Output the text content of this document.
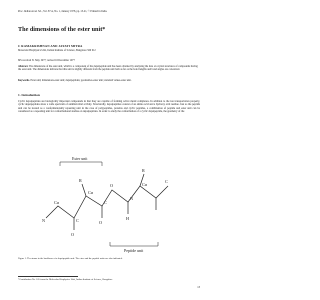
Proc. Indian Acad. Sci., Vol. 87 A, No. 1, January 1978, pp. 13-21, © Printed in India.
The dimensions of the ester unit*
C RAMAKRISHNAN AND JAYATI MITRA
Molecular Biophysics Unit, Indian Institute of Science, Bangalore 560 012
MS received 31 May 1977; revised 16 December 1977
Abstract. The dimensions of the ester unit, which is a component of the depsipeptide unit has been obtained by analysing the data on crystal structures of compounds having the ester unit. The dimensions indicate that this unit is slightly different from the peptide unit both as far as the bond lengths and bond angles are concerned.
Keywords. Ester unit; dimensions-ester unit; depsipeptides; geometries-ester unit; standard values-ester unit.
1. Introduction
Cyclic depsipeptides are biologically important compounds in that they are capable of forming active metal complexes. In addition to the ion transportation property, cyclic depsipeptides show a wide spectrum of antimicrobial activity. Structurally, depsipeptides consist of an amino acid and a hydroxy acid residue. Just as the peptide unit can be treated as a conformationally repeating unit in the case of polypeptides, proteins and cyclic peptides, a combination of peptide and ester unit can be considered as a repeating unit for conformational studies on depsipeptides. In order to study the conformation of a cyclic depsipeptide, the geometry of the
Ester unit
Peptide unit
N
Cα
O
C
R
Cα
O
C
O
H
N
R
Cα
C
Figure 1. The atoms in the backbone of a depsipeptide unit. The ester and the peptide units are also indicated.
*Contribution No. 105 from the Molecular Biophysics Unit, Indian Institute of Science, Bangalore.
13
